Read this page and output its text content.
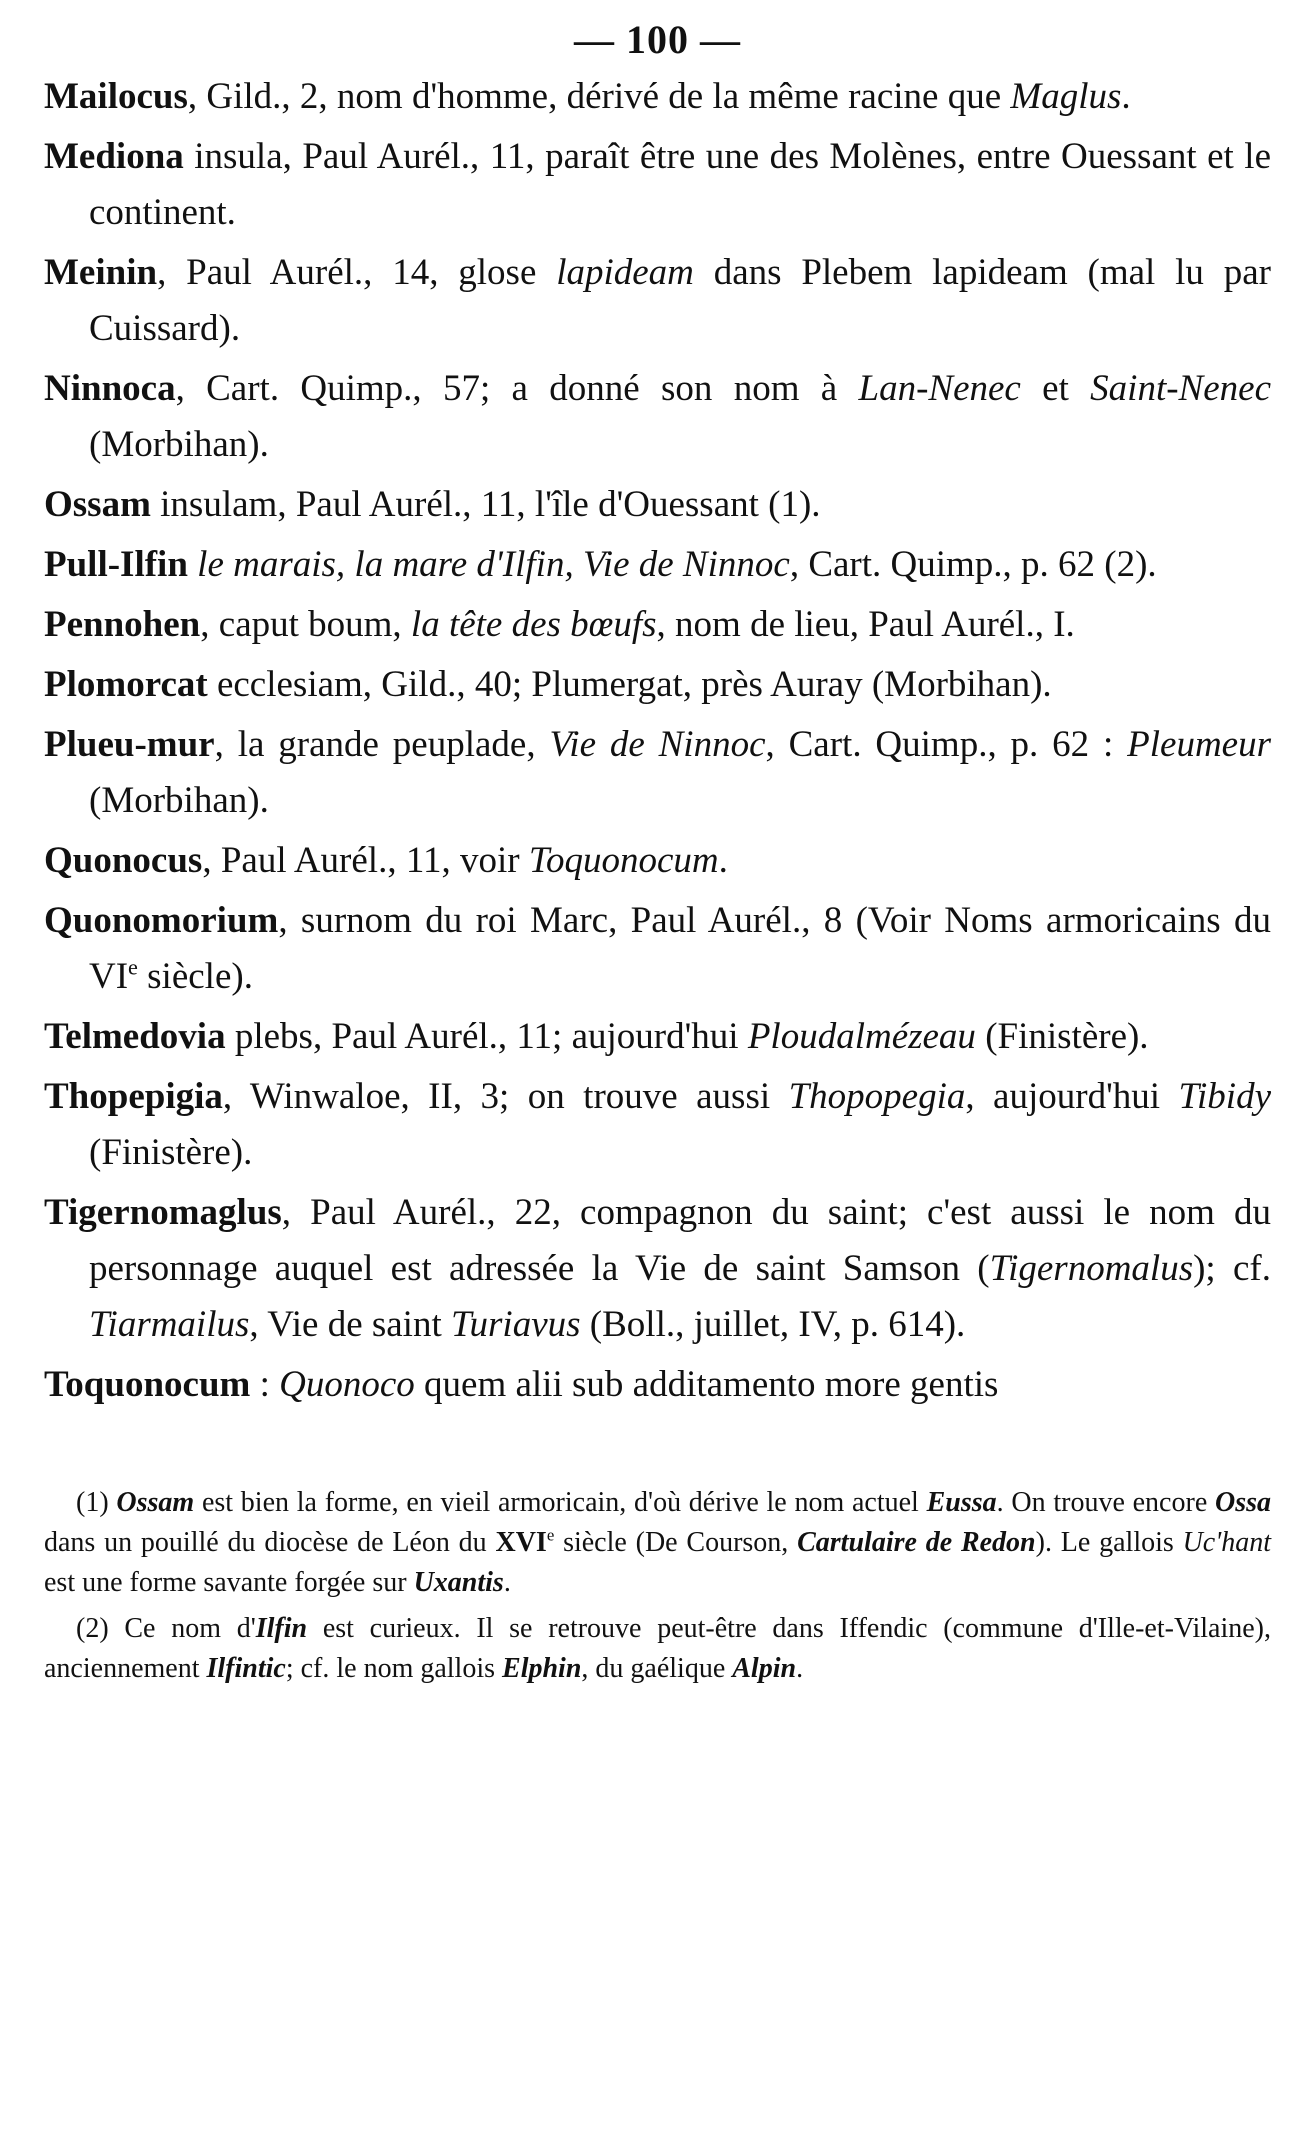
— 100 —
Mailocus, Gild., 2, nom d'homme, dérivé de la même racine que Maglus.
Mediona insula, Paul Aurél., 11, paraît être une des Molènes, entre Ouessant et le continent.
Meinin, Paul Aurél., 14, glose lapideam dans Plebem lapideam (mal lu par Cuissard).
Ninnoca, Cart. Quimp., 57; a donné son nom à Lan-Nenec et Saint-Nenec (Morbihan).
Ossam insulam, Paul Aurél., 11, l'île d'Ouessant (1).
Pull-Ilfin le marais, la mare d'Ilfin, Vie de Ninnoc, Cart. Quimp., p. 62 (2).
Pennohen, caput boum, la tête des bœufs, nom de lieu, Paul Aurél., I.
Plomorcat ecclesiam, Gild., 40; Plumergat, près Auray (Morbihan).
Plueu-mur, la grande peuplade, Vie de Ninnoc, Cart. Quimp., p. 62 : Pleumeur (Morbihan).
Quonocus, Paul Aurél., 11, voir Toquonocum.
Quonomorium, surnom du roi Marc, Paul Aurél., 8 (Voir Noms armoricains du VIe siècle).
Telmedovia plebs, Paul Aurél., 11; aujourd'hui Ploudalmézeau (Finistère).
Thopepigia, Winwaloe, II, 3; on trouve aussi Thopopegia, aujourd'hui Tibidy (Finistère).
Tigernomaglus, Paul Aurél., 22, compagnon du saint; c'est aussi le nom du personnage auquel est adressée la Vie de saint Samson (Tigernomalus); cf. Tiarmailus, Vie de saint Turiavus (Boll., juillet, IV, p. 614).
Toquonocum : Quonoco quem alii sub additamento more gentis
(1) Ossam est bien la forme, en vieil armoricain, d'où dérive le nom actuel Eussa. On trouve encore Ossa dans un pouillé du diocèse de Léon du XVIe siècle (De Courson, Cartulaire de Redon). Le gallois Uc'hant est une forme savante forgée sur Uxantis.
(2) Ce nom d'Ilfin est curieux. Il se retrouve peut-être dans Iffendic (commune d'Ille-et-Vilaine), anciennement Ilfintic; cf. le nom gallois Elphin, du gaélique Alpin.
